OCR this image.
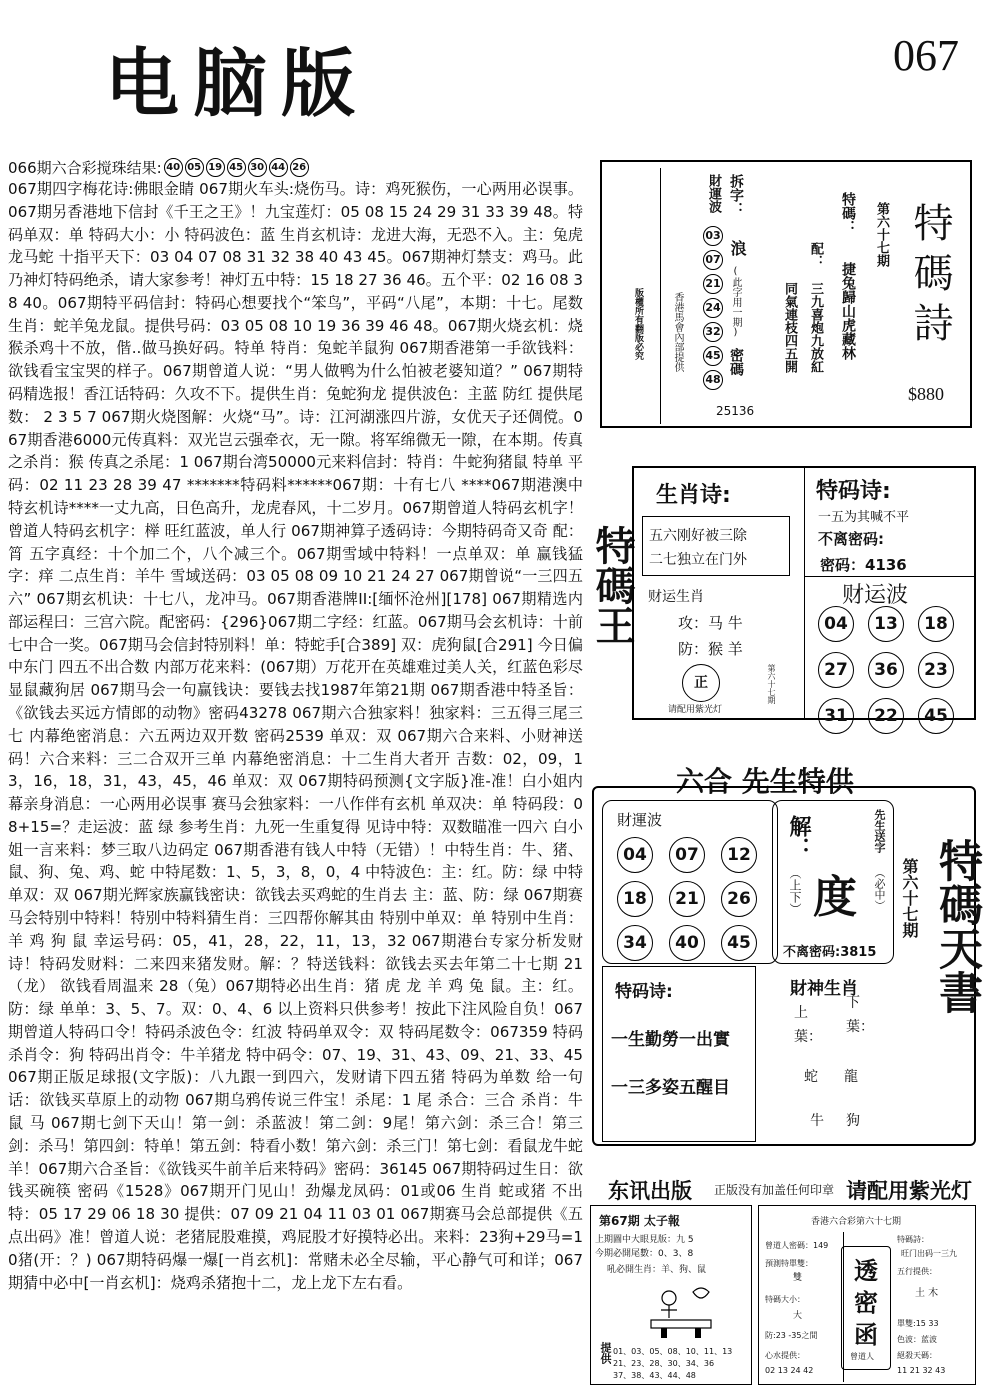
电脑版	067
066期六合彩搅珠结果: 40 05 19 45 30 44 26
067期四字梅花诗:佛眼金睛 067期火车头:烧伤马。诗：鸡死猴伤，一心两用必误事。067期另香港地下信封《千王之王》！九宝莲灯：05 08 15 24 29 31 33 39 48。特码单双：单 特码大小：小 特码波色：蓝 生肖玄机诗：龙进大海，无恐不入。主：兔虎龙马蛇 十指平天下：03 04 07 08 31 32 38 40 43 45。067期神灯禁支：鸡马。此乃神灯特码绝杀，请大家参考！神灯五中特：15 18 27 36 46。五个平：02 16 08 38 40。067期特平码信封：特码心想要找个“笨鸟”，平码“八尾”，本期：十七。尾数生肖：蛇羊兔龙鼠。提供号码：03 05 08 10 19 36 39 46 48。067期火烧玄机：烧猴杀鸡十不放，偕..做马换好码。特单 特肖：兔蛇羊鼠狗 067期香港第一手欲钱料：欲钱看宝宝哭的样子。067期曾道人说：“男人做鸭为什么怕被老婆知道？” 067期特码精选报！香江话特码：久攻不下。提供生肖：兔蛇狗龙 提供波色：主蓝 防红 提供尾数： 2 3 5 7 067期火烧图解：火烧“马”。诗：江河湖涨四片游，女优天子还倜傥。067期香港6000元传真料：双光岂云强牵衣，无一隙。将军绵微无一隙，在本期。传真之杀肖：猴 传真之杀尾：1 067期台湾50000元来料信封：特肖：牛蛇狗猪鼠 特单 平码：02 11 23 28 39 47 *******特码料******067期：十有七八 ****067期港澳中特玄机诗****一丈九高，日色高升，龙虎春风，十二岁月。067期曾道人特码玄机字！曾道人特码玄机字：榉 旺红蓝波，单人行 067期神算子透码诗：今期特码奇又奇 配：筲 五字真经：十个加二个，八个减三个。067期雪域中特料！一点单双：单 赢钱猛字：痒 二点生肖：羊牛 雪域送码：03 05 08 09 10 21 24 27 067期曾说“一三四五六” 067期玄机诀：十七八，龙冲马。067期香港牌II:[缅怀沧州][178] 067期精选内部运程曰：三宫六院。配密码：{296}067期二字经：红蓝。067期马会玄机诗：十前七中合一奖。067期马会信封特别料！单：特蛇手[合389] 双：虎狗鼠[合291] 今日偏中东门 四五不出合数 内部万花来料：(067期）万花开在英雄难过美人关，红蓝色彩尽显鼠藏狗居 067期马会一句赢钱诀：要钱去找1987年第21期 067期香港中特圣旨：《欲钱去买远方情郎的动物》密码43278 067期六合独家料！独家料：三五得三尾三七 内幕绝密消息：六五两边双开数 密码2539 单双：双 067期六合来料、小财神送码！六合来料：三二合双开三单 内幕绝密消息：十二生肖大者开 吉数：02，09，13，16，18，31，43，45，46 单双：双 067期特码预测{文字版}准-准！白小姐内幕亲身消息：一心两用必误事 赛马会独家料：一八作伴有玄机 单双决：单 特码段：08+15=？走运波：蓝 绿 参考生肖：九死一生重复得 见诗中特：双数瞄准一四六 白小姐一言来料：梦三取八边码定 067期香港有钱人中特（无错）！中特生肖：牛、猪、鼠、狗、兔、鸡、蛇 中特尾数：1、5，3，8，0，4 中特波色：主：红。防：绿 中特单双：双 067期光辉家族赢钱密诀：欲钱去买鸡蛇的生肖去 主：蓝、防：绿 067期赛马会特别中特料！特别中特料猜生肖：三四帮你解其由 特别中单双：单 特别中生肖：羊 鸡 狗 鼠 幸运号码：05，41，28，22，11，13，32 067期港台专家分析发财诗！特码发财料：二来四来猪发财。解：？特送钱料：欲钱去买去年第二十七期 21（龙） 欲钱看周温来 28（兔）067期特必出生肖：猪 虎 龙 羊 鸡 兔 鼠。主：红。防：绿 单单：3、5、7。双：0、4、6 以上资料只供参考！按此下注风险自负！067期曾道人特码口令！特码杀波色令：红波 特码单双令：双 特码尾数令：067359 特码杀肖令：狗 特码出肖令：牛羊猪龙 特中码令：07、19、31、43、09、21、33、45 067期正版足球报(文字版)：八九跟一到四六，发财请下四五猪 特码为单数 给一句话：欲钱买草原上的动物 067期乌鸦传说三件宝！杀尾：1 尾 杀合：三合 杀肖：牛 鼠 马 067期七剑下天山！第一剑：杀蓝波！第二剑：9尾！第六剑：杀三合！第三剑：杀马！第四剑：特单！第五剑：特看小数！第六剑：杀三门！第七剑：看鼠龙牛蛇羊！067期六合圣旨：《欲钱买牛前羊后来特码》密码：36145 067期特码过生日：欲钱买碗筷 密码《1528》067期开门见山！劲爆龙凤码：01或06 生肖 蛇或猪 不出特：05 17 29 06 18 30 提供：07 09 21 04 11 03 01 067期赛马会总部提供《五点出码》准！曾道人说：老猪屁股难摸，鸡屁股才好摸特必出。来料：23狗+29马=10猪(开：？) 067期特码爆一爆[一肖玄机]：常赌未必全尽输，平心静气可和详；067期猜中必中[一肖玄机]：烧鸡杀猪抱十二，龙上龙下左右看。
版權所有翻版必究	香港馬會內部提供
財運波
03
07
21
24
32
45
48
拆字：
浪
(此字用一期)
密碼
25136
特碼：
捷兔歸山虎藏林
配：
三九喜炮九放紅
同氣連枝四五開
第六十七期 特碼詩
$880
特碼王
生肖诗:
五六刚好被三除
二七独立在门外
财运生肖
攻：马 牛
防：猴 羊
正	第六十七期
请配用紫光灯
特码诗:
一五为其喊不平
不离密码:
密码：4136
财运波
04	13	18
27	36	23
31	22	45
六合 先生特供
財運波
04	07	12
18	21	26
34	40	45
解：
（上下） 度
先生送字
（必中）
不离密码:3815
特码诗:
一生勤勞一出實
一三多姿五醒目
財神生肖
上
葉：
下
葉：
蛇 龍
牛 狗
第六十七期 特碼天書
东讯出版 正版没有加盖任何印章 请配用紫光灯
第67期 太子報
上期圖中大眼見版：九 5
今期必開尾數：0、3、8
吼必開生肖：羊、狗、鼠
提供 01、03、05、08、10、11、13
21、23、28、30、34、36
37、38、43、44、48
香港六合彩第六十七期
曾道人密碼：149
預測特單雙：
雙
特碼大小：
大
防:23 -35之間
心水提供：
02 13 24 42
透
密
函
曾道人
特碼詩：
旺门出码一三九
五行提供：
土 木
單雙:15 33
色波：蓝波
絕殺天碼：
11 21 32 43
